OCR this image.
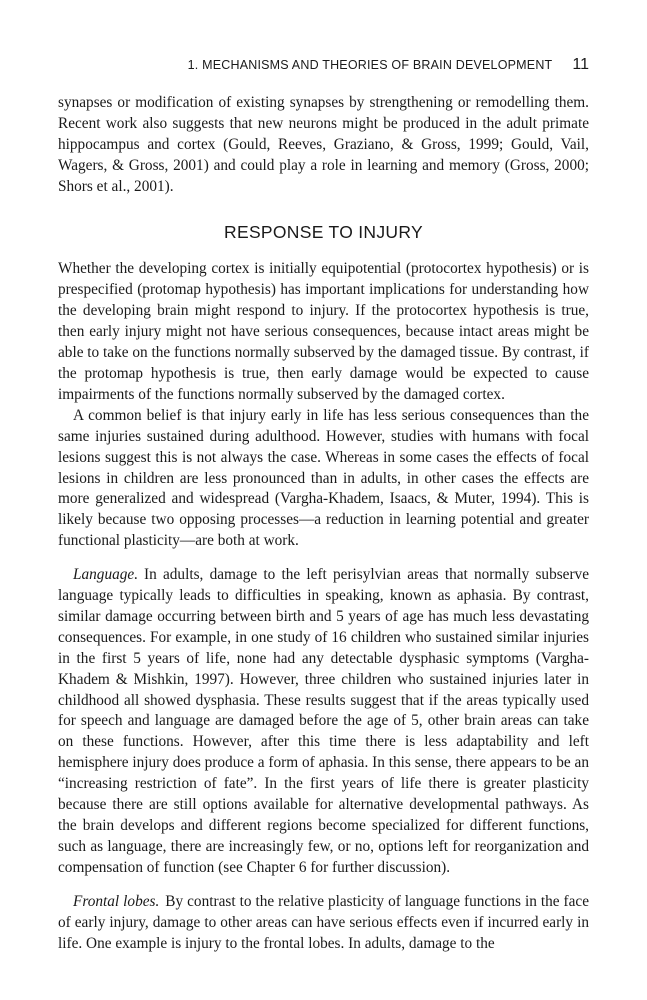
1. MECHANISMS AND THEORIES OF BRAIN DEVELOPMENT 11

synapses or modification of existing synapses by strengthening or remodelling them. Recent work also suggests that new neurons might be produced in the adult primate hippocampus and cortex (Gould, Reeves, Graziano, & Gross, 1999; Gould, Vail, Wagers, & Gross, 2001) and could play a role in learning and memory (Gross, 2000; Shors et al., 2001).

RESPONSE TO INJURY

Whether the developing cortex is initially equipotential (protocortex hypothesis) or is prespecified (protomap hypothesis) has important implications for understanding how the developing brain might respond to injury. If the protocortex hypothesis is true, then early injury might not have serious consequences, because intact areas might be able to take on the functions normally subserved by the damaged tissue. By contrast, if the protomap hypothesis is true, then early damage would be expected to cause impairments of the functions normally subserved by the damaged cortex.

A common belief is that injury early in life has less serious consequences than the same injuries sustained during adulthood. However, studies with humans with focal lesions suggest this is not always the case. Whereas in some cases the effects of focal lesions in children are less pronounced than in adults, in other cases the effects are more generalized and widespread (Vargha-Khadem, Isaacs, & Muter, 1994). This is likely because two opposing processes—a reduction in learning potential and greater functional plasticity—are both at work.

Language. In adults, damage to the left perisylvian areas that normally subserve language typically leads to difficulties in speaking, known as aphasia. By contrast, similar damage occurring between birth and 5 years of age has much less devastating consequences. For example, in one study of 16 children who sustained similar injuries in the first 5 years of life, none had any detectable dysphasic symptoms (Vargha-Khadem & Mishkin, 1997). However, three children who sustained injuries later in childhood all showed dysphasia. These results suggest that if the areas typically used for speech and language are damaged before the age of 5, other brain areas can take on these functions. However, after this time there is less adaptability and left hemisphere injury does produce a form of aphasia. In this sense, there appears to be an “increasing restriction of fate”. In the first years of life there is greater plasticity because there are still options available for alternative developmental pathways. As the brain develops and different regions become specialized for different functions, such as language, there are increasingly few, or no, options left for reorganization and compensation of function (see Chapter 6 for further discussion).

Frontal lobes. By contrast to the relative plasticity of language functions in the face of early injury, damage to other areas can have serious effects even if incurred early in life. One example is injury to the frontal lobes. In adults, damage to the
